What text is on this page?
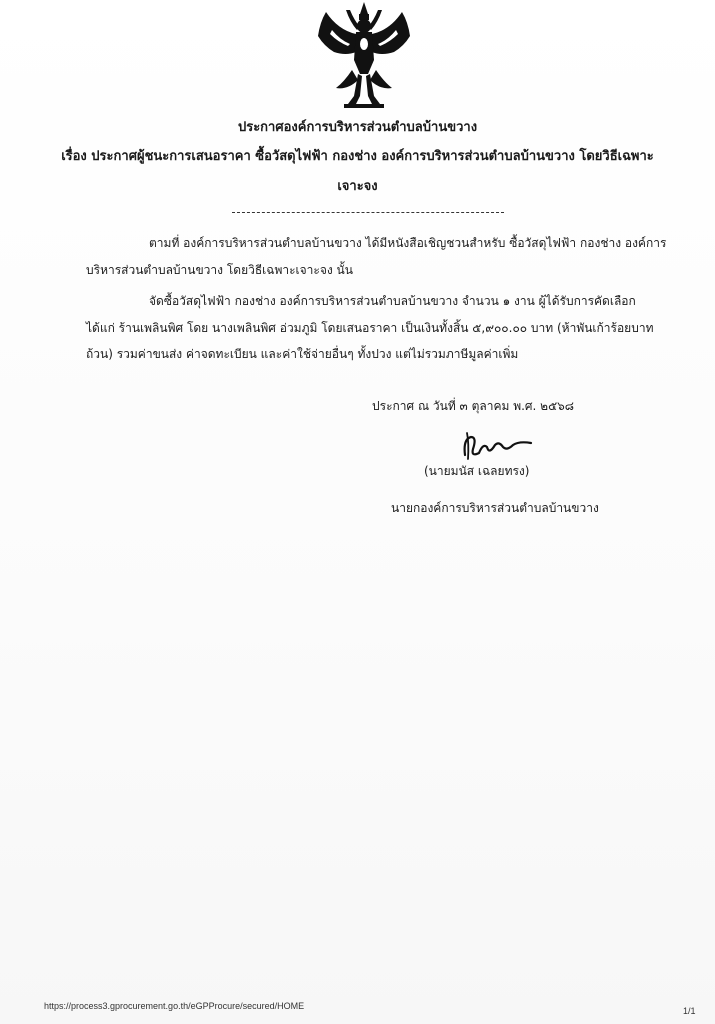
ประกาศองค์การบริหารส่วนตำบลบ้านขวาง
เรื่อง ประกาศผู้ชนะการเสนอราคา ซื้อวัสดุไฟฟ้า กองช่าง องค์การบริหารส่วนตำบลบ้านขวาง โดยวิธีเฉพาะ
เจาะจง
ตามที่ องค์การบริหารส่วนตำบลบ้านขวาง ได้มีหนังสือเชิญชวนสำหรับ ซื้อวัสดุไฟฟ้า กองช่าง องค์การ
บริหารส่วนตำบลบ้านขวาง โดยวิธีเฉพาะเจาะจง นั้น
จัดซื้อวัสดุไฟฟ้า กองช่าง องค์การบริหารส่วนตำบลบ้านขวาง จำนวน ๑ งาน ผู้ได้รับการคัดเลือก
ได้แก่ ร้านเพลินพิศ โดย นางเพลินพิศ อ่วมภูมิ โดยเสนอราคา เป็นเงินทั้งสิ้น ๕,๙๐๐.๐๐ บาท (ห้าพันเก้าร้อยบาท
ถ้วน) รวมค่าขนส่ง ค่าจดทะเบียน และค่าใช้จ่ายอื่นๆ ทั้งปวง แต่ไม่รวมภาษีมูลค่าเพิ่ม
ประกาศ ณ วันที่ ๓ ตุลาคม พ.ศ. ๒๕๖๘
(นายมนัส เฉลยทรง)
นายกองค์การบริหารส่วนตำบลบ้านขวาง
https://process3.gprocurement.go.th/eGPProcure/secured/HOME	1/1
